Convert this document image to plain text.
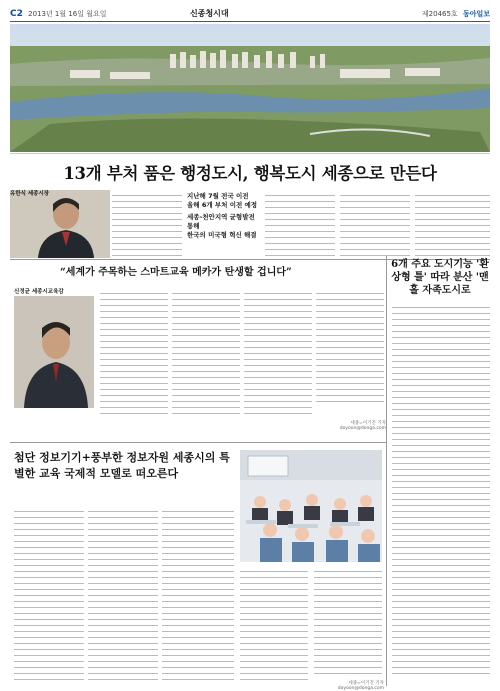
C2 2013년 1월 16일 월요일	신종청시대	제20465호 동아일보
13개 부처 품은 행정도시, 행복도시 세종으로 만든다
유한식 세종시장	지난해 7월 전국 이전
올해 6개 부처 이전 예정
세종-천안지역 균형발전 통해
한국의 미국형 혁신 해결
“세계가 주목하는 스마트교육 메카가 탄생할 겁니다”
신정균 세종시교육감
세종=이기진 기자 doyoon@donga.com
6개 주요 도시기능 '환상형 틀' 따라 분산 '맨홀 자족도시로
첨단 정보기기+풍부한 정보자원 세종시의 특별한 교육 국제적 모델로 떠오른다
세종=이기진 기자 doyoon@donga.com
